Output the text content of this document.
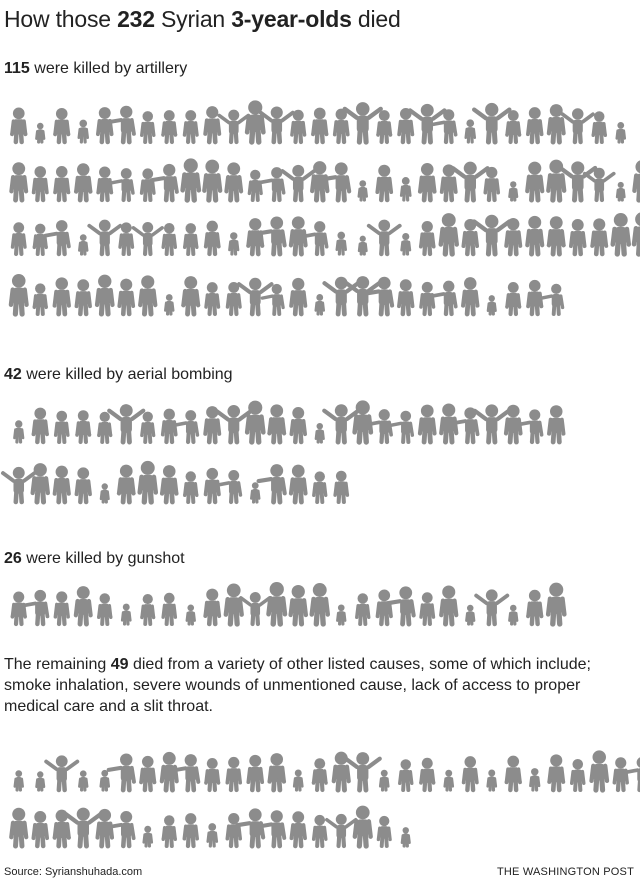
How those 232 Syrian 3-year-olds died
115 were killed by artillery
42 were killed by aerial bombing
26 were killed by gunshot
The remaining 49 died from a variety of other listed causes, some of which include; smoke inhalation, severe wounds of unmentioned cause, lack of access to proper medical care and a slit throat.
Source: Syrianshuhada.com	THE WASHINGTON POST
